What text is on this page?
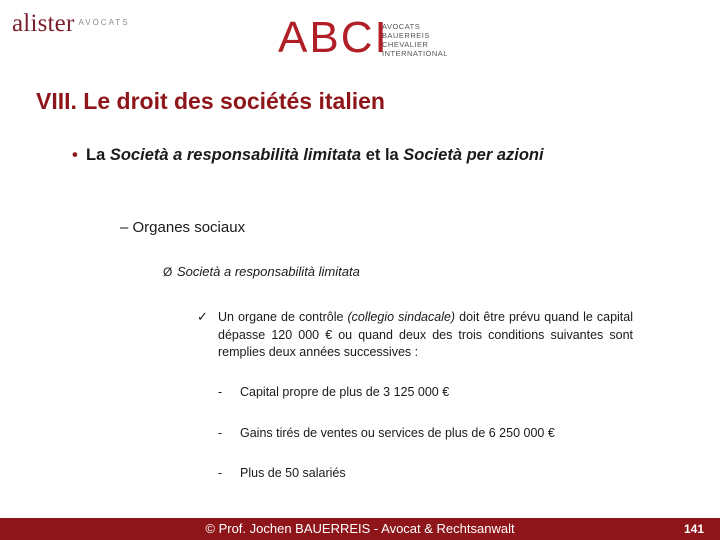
alister $^{AVOCATS}$	ABCI
AVOCATS
BAUERREIS
CHEVALIER
INTERNATIONAL
VIII. Le droit des sociétés italien
• La Società a responsabilità limitata et la Società per azioni
– Organes sociaux
Ø Società a responsabilità limitata
✓ Un organe de contrôle (collegio sindacale) doit être prévu quand le capital dépasse 120 000 € ou quand deux des trois conditions suivantes sont remplies deux années successives :
- Capital propre de plus de 3 125 000 €
- Gains tirés de ventes ou services de plus de 6 250 000 €
- Plus de 50 salariés
© Prof. Jochen BAUERREIS - Avocat & Rechtsanwalt	141
